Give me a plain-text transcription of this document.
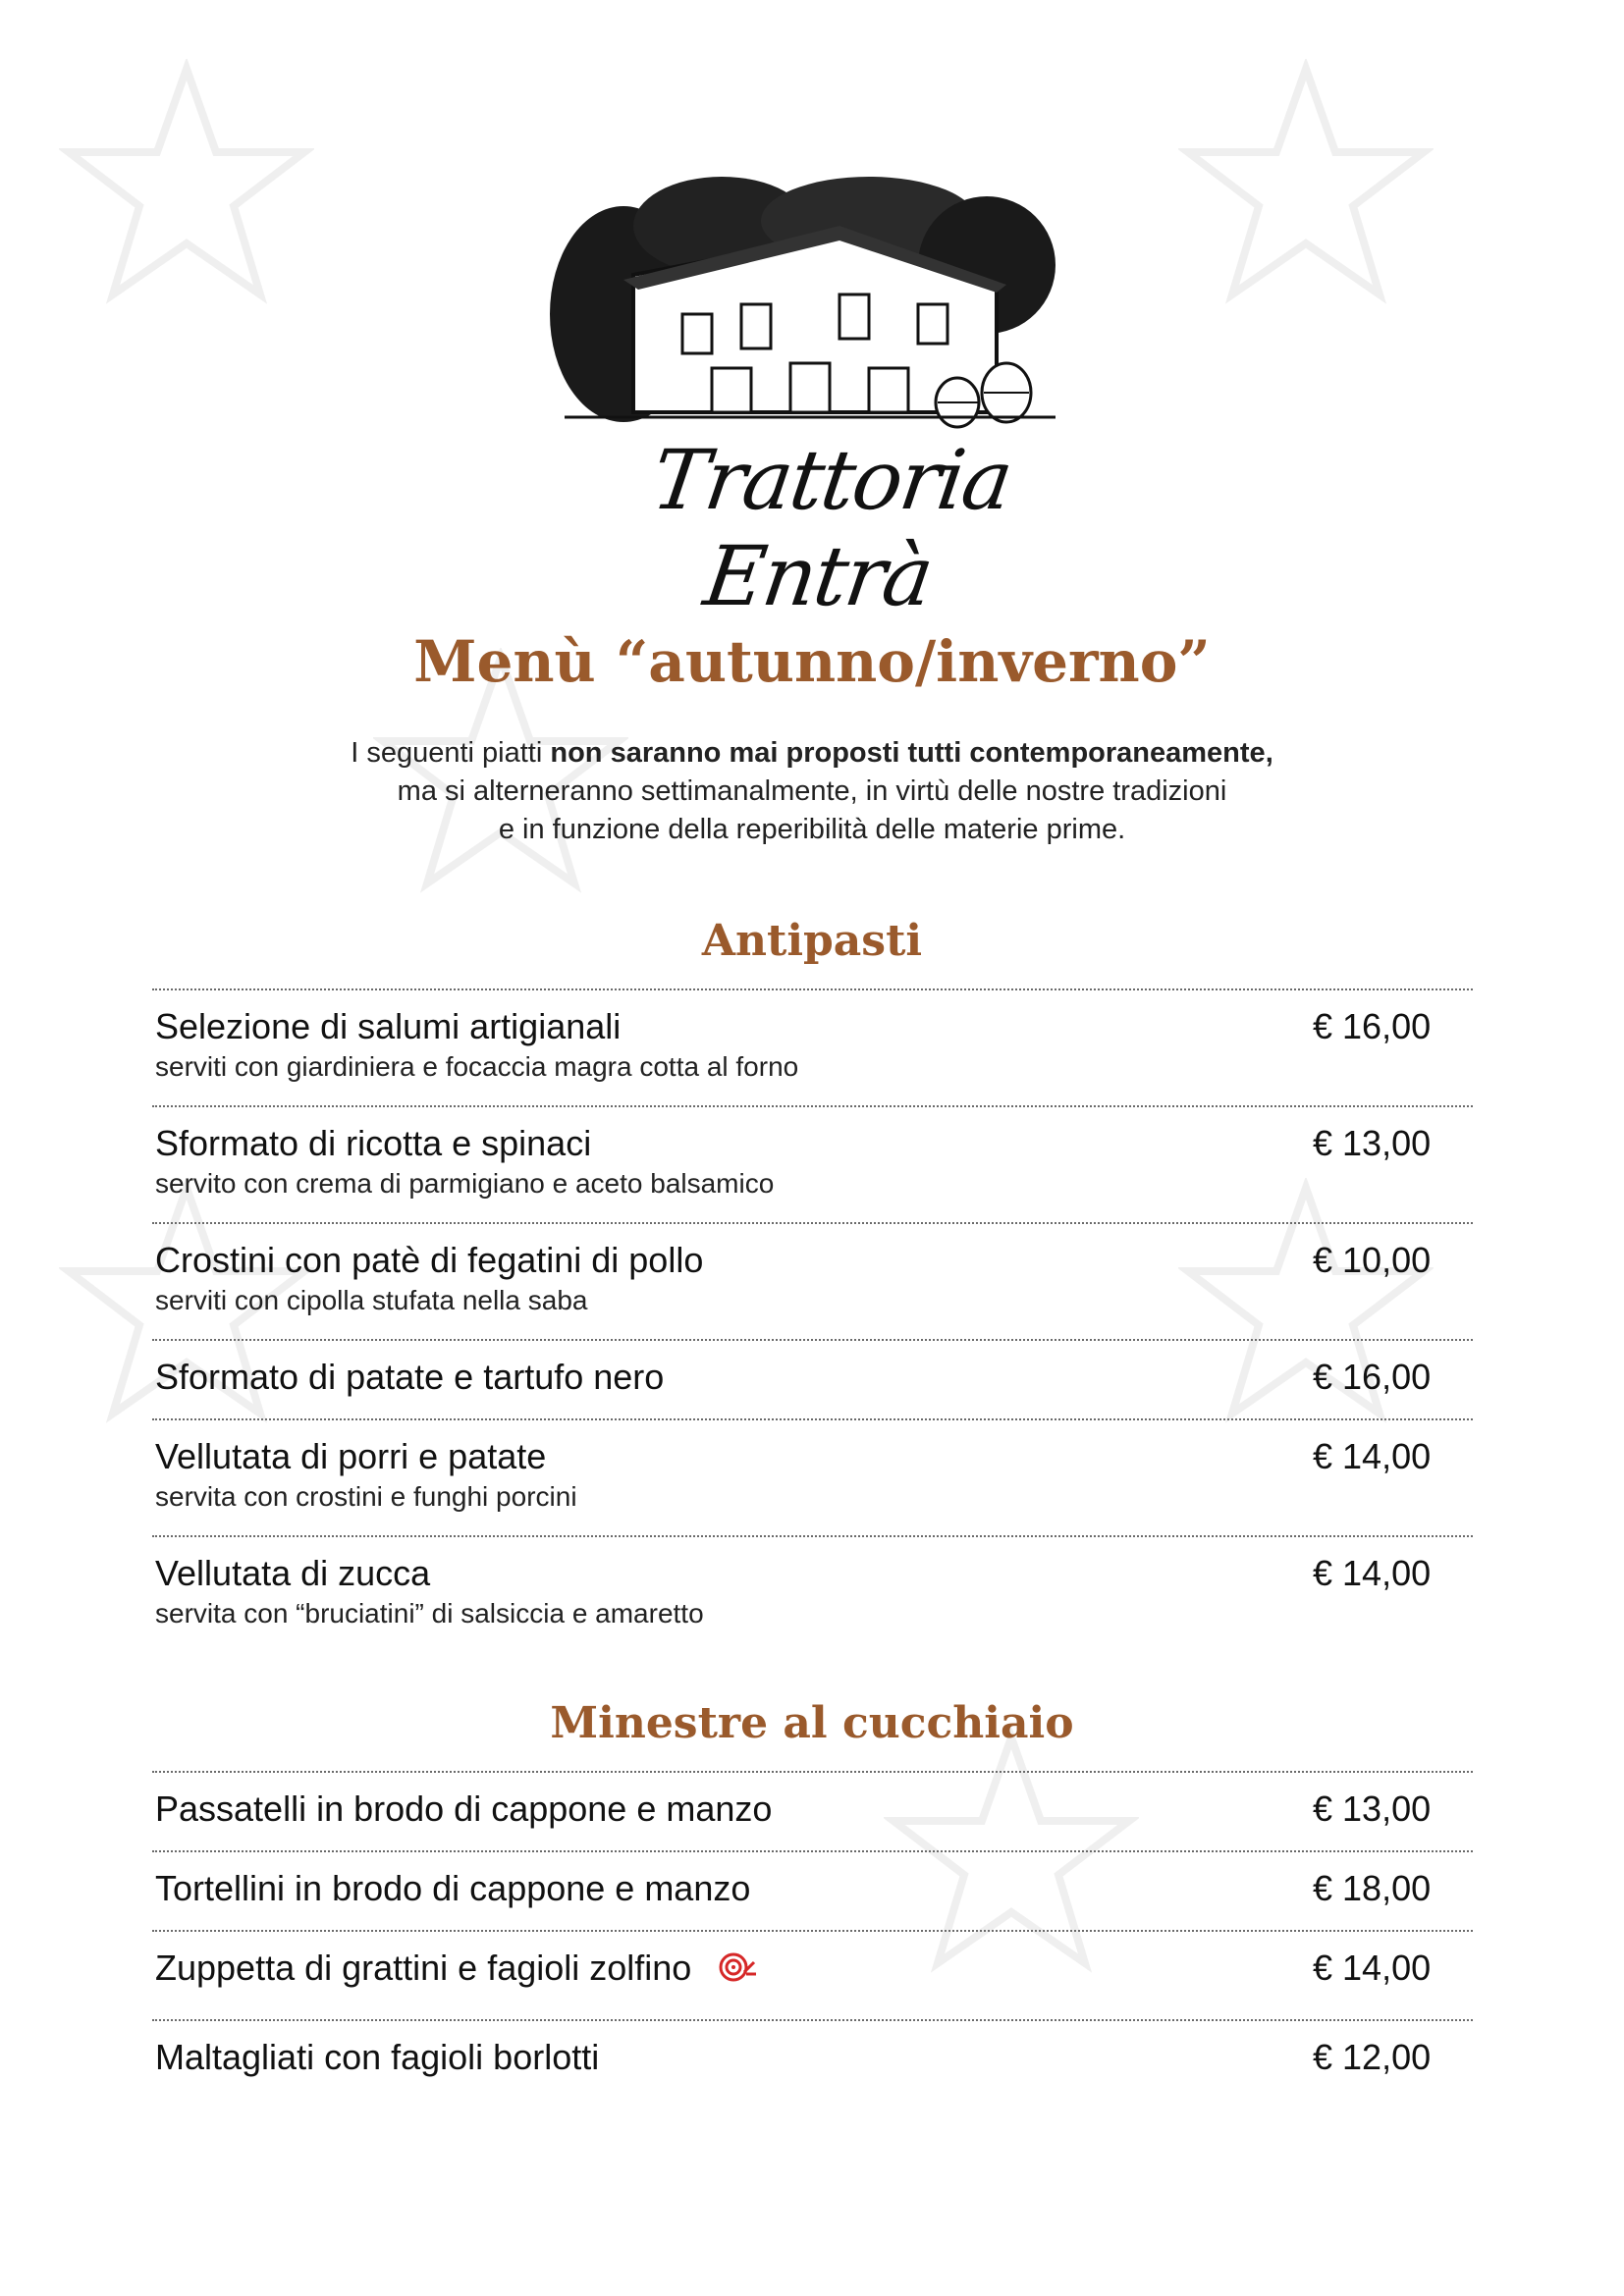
Trattoria Entrà
Menù “autunno/inverno”
I seguenti piatti non saranno mai proposti tutti contemporaneamente,
ma si alterneranno settimanalmente, in virtù delle nostre tradizioni
e in funzione della reperibilità delle materie prime.
Antipasti
Selezione di salumi artigianali
serviti con giardiniera e focaccia magra cotta al forno
€ 16,00
Sformato di ricotta e spinaci
servito con crema di parmigiano e aceto balsamico
€ 13,00
Crostini con patè di fegatini di pollo
serviti con cipolla stufata nella saba
€ 10,00
Sformato di patate e tartufo nero	€ 16,00
Vellutata di porri e patate
servita con crostini e funghi porcini
€ 14,00
Vellutata di zucca
servita con “bruciatini” di salsiccia e amaretto
€ 14,00
Minestre al cucchiaio
Passatelli in brodo di cappone e manzo	€ 13,00
Tortellini in brodo di cappone e manzo	€ 18,00
Zuppetta di grattini e fagioli zolfino	€ 14,00
Maltagliati con fagioli borlotti	€ 12,00
